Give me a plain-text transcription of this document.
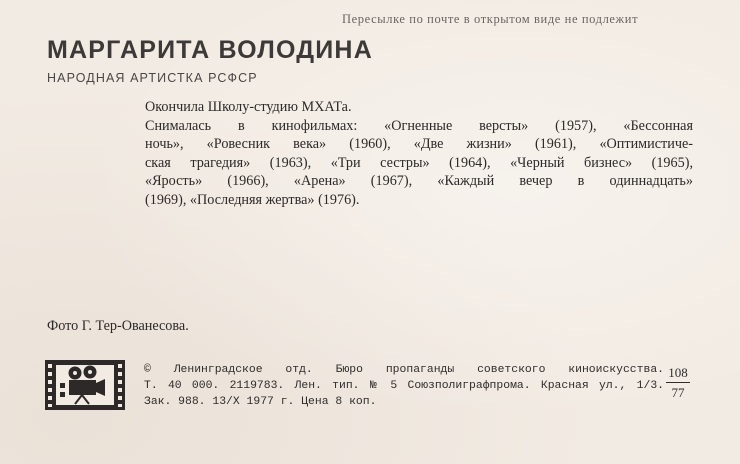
Пересылке по почте в открытом виде не подлежит
МАРГАРИТА ВОЛОДИНА
НАРОДНАЯ АРТИСТКА РСФСР

Окончила Школу-студию МХАТа.

Снималась в кинофильмах: «Огненные версты» (1957), «Бессонная

ночь», «Ровесник века» (1960), «Две жизни» (1961), «Оптимистиче-

ская трагедия» (1963), «Три сестры» (1964), «Черный бизнес» (1965),

«Ярость» (1966), «Арена» (1967), «Каждый вечер в одиннадцать»

(1969), «Последняя жертва» (1976).

Фото Г. Тер-Ованесова.
© Ленинградское отд. Бюро пропаганды советского киноискусства.
Т. 40 000. 2119783. Лен. тип. № 5 Союзполиграфпрома. Красная ул., 1/3.
Зак. 988. 13/Х 1977 г. Цена 8 коп.
108
77
